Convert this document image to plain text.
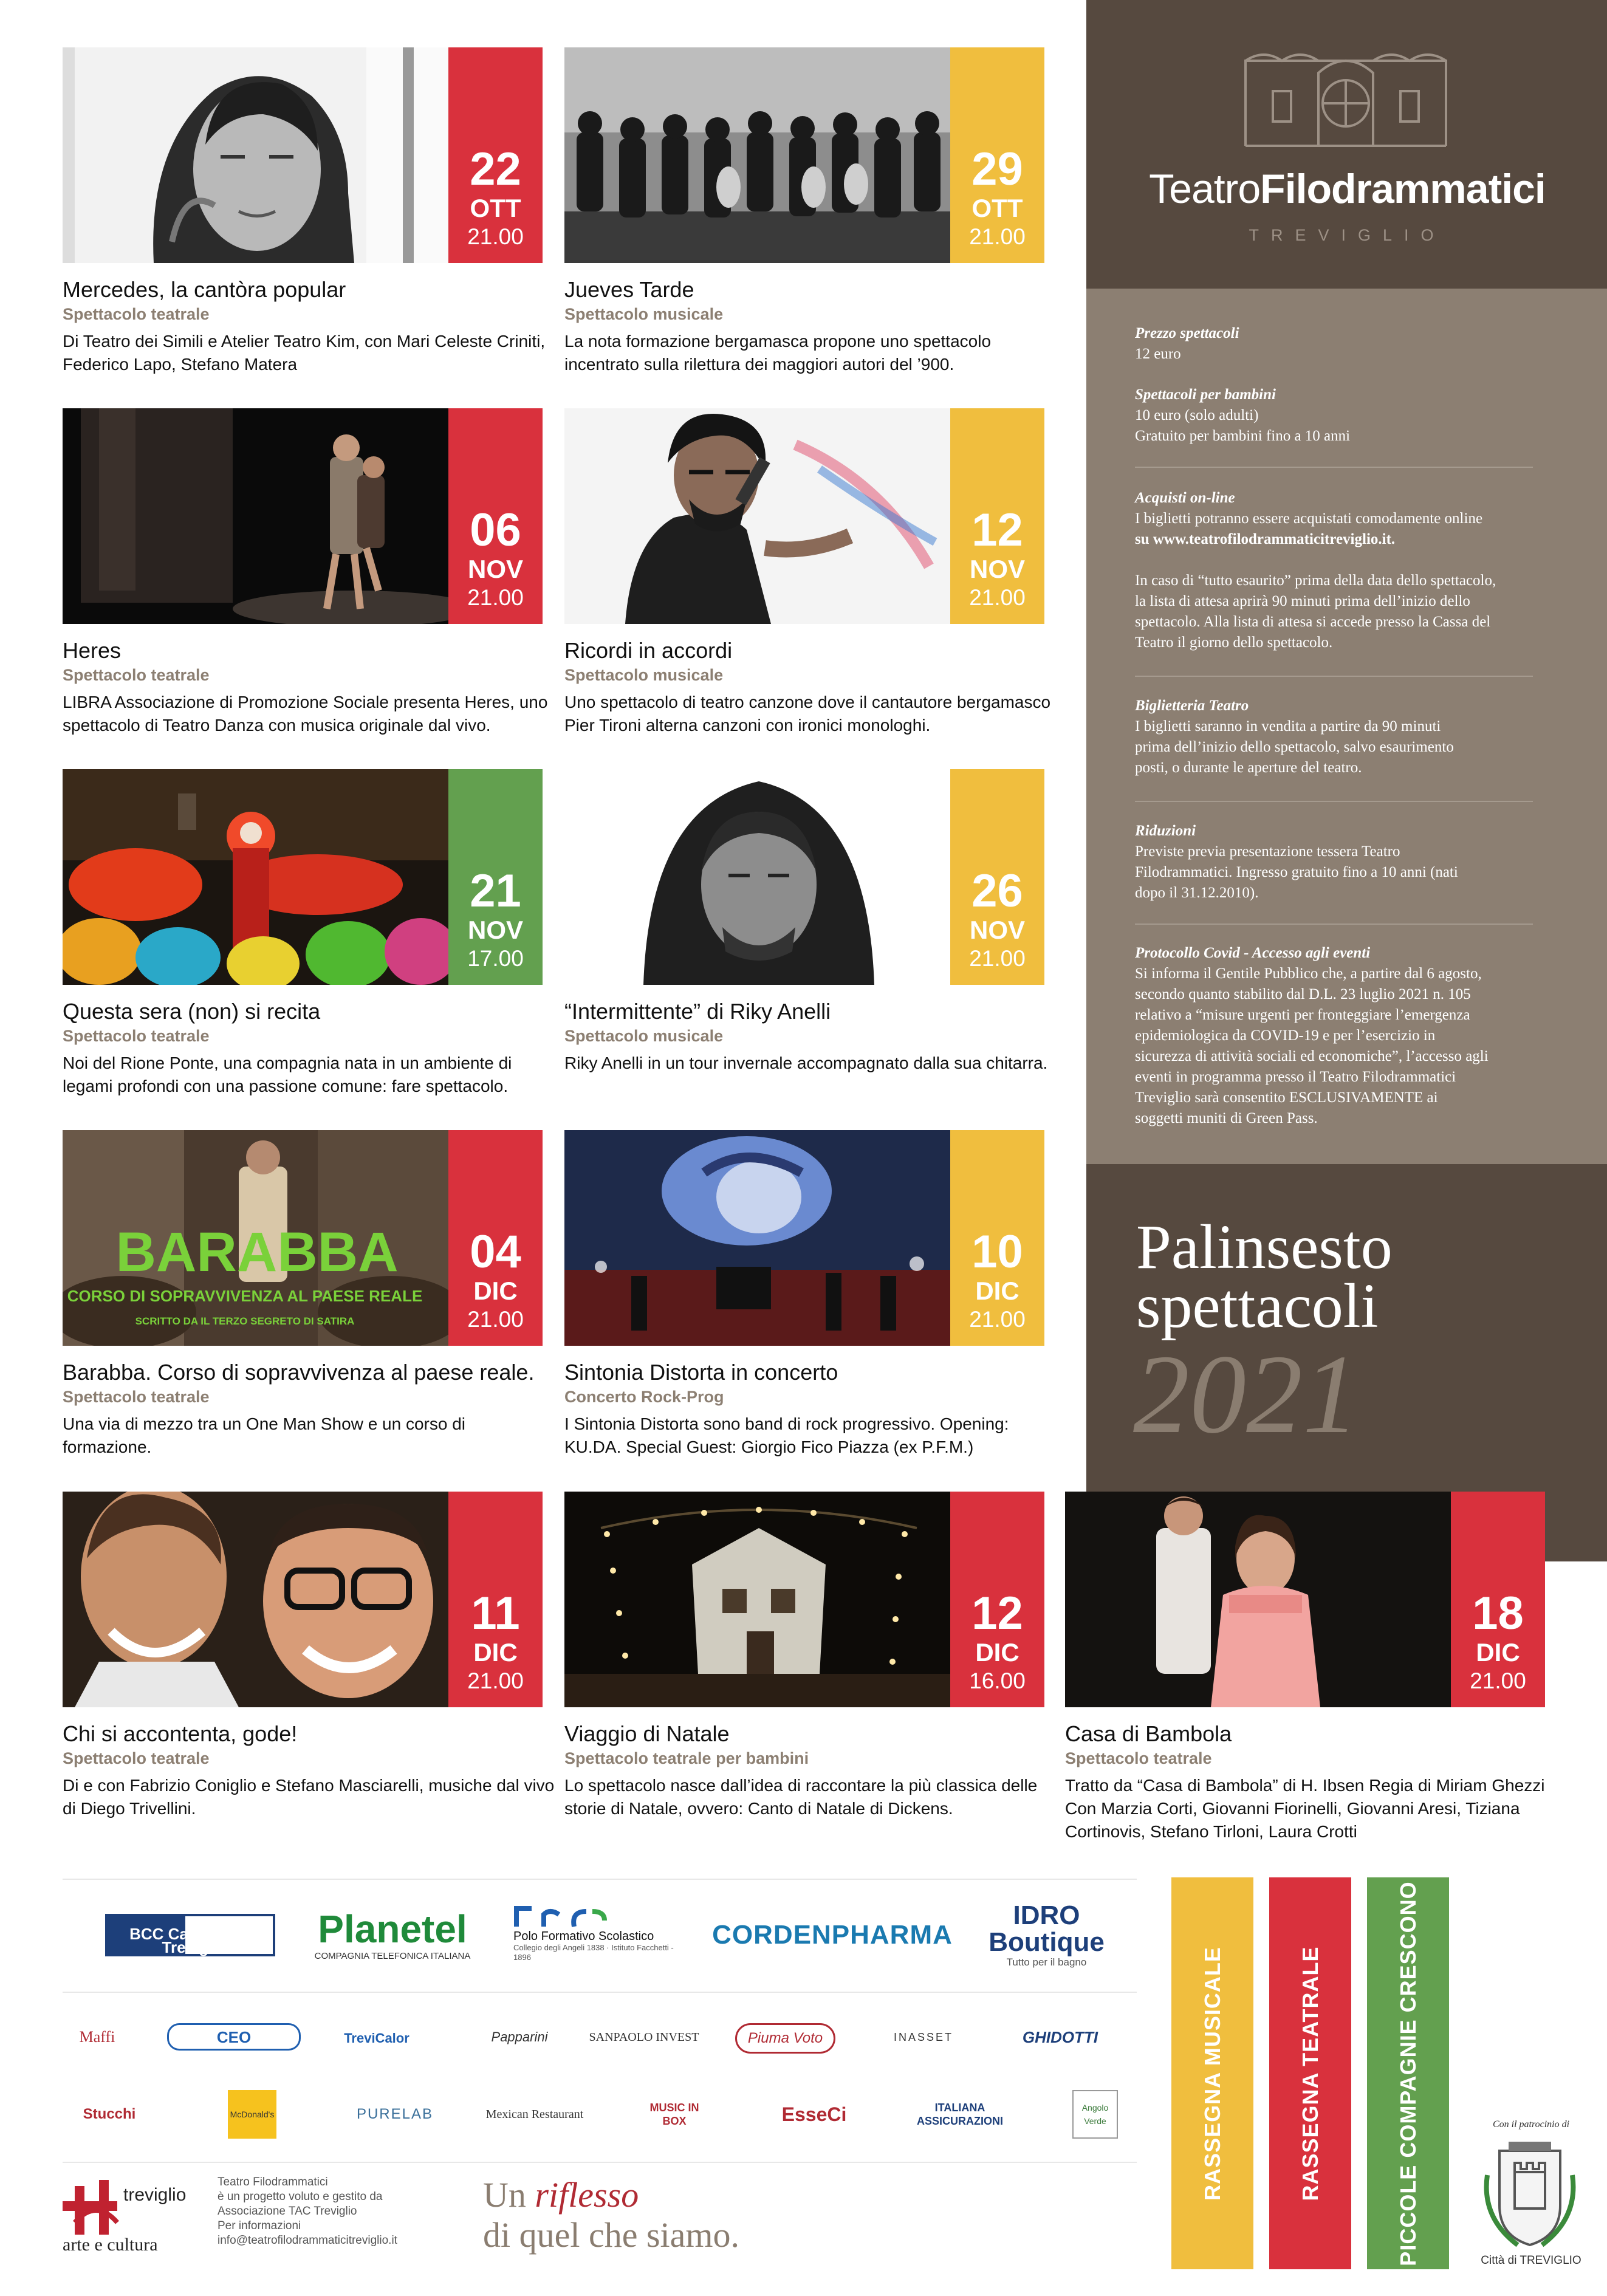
TeatroFilodrammatici
TREVIGLIO
Prezzo spettacoli
12 euro
Spettacoli per bambini
10 euro (solo adulti)
Gratuito per bambini fino a 10 anni
Acquisti on-line
I biglietti potranno essere acquistati comodamente online
su www.teatrofilodrammaticitreviglio.it.
In caso di “tutto esaurito” prima della data dello spettacolo,
la lista di attesa aprirà 90 minuti prima dell’inizio dello
spettacolo. Alla lista di attesa si accede presso la Cassa del
Teatro il giorno dello spettacolo.
Biglietteria Teatro
I biglietti saranno in vendita a partire da 90 minuti
prima dell’inizio dello spettacolo, salvo esaurimento
posti, o durante le aperture del teatro.
Riduzioni
Previste previa presentazione tessera Teatro
Filodrammatici. Ingresso gratuito fino a 10 anni (nati
dopo il 31.12.2010).
Protocollo Covid - Accesso agli eventi
Si informa il Gentile Pubblico che, a partire dal 6 agosto,
secondo quanto stabilito dal D.L. 23 luglio 2021 n. 105
relativo a “misure urgenti per fronteggiare l’emergenza
epidemiologica da COVID-19 e per l’esercizio in
sicurezza di attività sociali ed economiche”, l’accesso agli
eventi in programma presso il Teatro Filodrammatici
Treviglio sarà consentito ESCLUSIVAMENTE ai
soggetti muniti di Green Pass.
Palinsesto
spettacoli
2021
22
OTT
21.00
Mercedes, la cantòra popular
Spettacolo teatrale
Di Teatro dei Simili e Atelier Teatro Kim, con Mari Celeste Criniti, Federico Lapo, Stefano Matera
29
OTT
21.00
Jueves Tarde
Spettacolo musicale
La nota formazione bergamasca propone uno spettacolo incentrato sulla rilettura dei maggiori autori del ’900.
06
NOV
21.00
Heres
Spettacolo teatrale
LIBRA Associazione di Promozione Sociale presenta Heres, uno spettacolo di Teatro Danza con musica originale dal vivo.
12
NOV
21.00
Ricordi in accordi
Spettacolo musicale
Uno spettacolo di teatro canzone dove il cantautore bergamasco Pier Tironi alterna canzoni con ironici monologhi.
21
NOV
17.00
Questa sera (non) si recita
Spettacolo teatrale
Noi del Rione Ponte, una compagnia nata in un ambiente di legami profondi con una passione comune: fare spettacolo.
26
NOV
21.00
“Intermittente” di Riky Anelli
Spettacolo musicale
Riky Anelli in un tour invernale accompagnato dalla sua chitarra.
BARABBA
CORSO DI SOPRAVVIVENZA AL PAESE REALE
SCRITTO DA IL TERZO SEGRETO DI SATIRA
04
DIC
21.00
Barabba. Corso di sopravvivenza al paese reale.
Spettacolo teatrale
Una via di mezzo tra un One Man Show e un corso di formazione.
10
DIC
21.00
Sintonia Distorta in concerto
Concerto Rock-Prog
I Sintonia Distorta sono band di rock progressivo. Opening: KU.DA. Special Guest: Giorgio Fico Piazza (ex P.F.M.)
11
DIC
21.00
Chi si accontenta, gode!
Spettacolo teatrale
Di e con Fabrizio Coniglio e Stefano Masciarelli, musiche dal vivo di Diego Trivellini.
12
DIC
16.00
Viaggio di Natale
Spettacolo teatrale per bambini
Lo spettacolo nasce dall’idea di raccontare la più classica delle storie di Natale, ovvero: Canto di Natale di Dickens.
18
DIC
21.00
Casa di Bambola
Spettacolo teatrale
Tratto da “Casa di Bambola” di H. Ibsen Regia di Miriam Ghezzi Con Marzia Corti, Giovanni Fiorinelli, Giovanni Aresi, Tiziana Cortinovis, Stefano Tirloni, Laura Crotti
BCC Casa Rurale Treviglio	Planetel
COMPAGNIA TELEFONICA ITALIANA
Polo Formativo Scolastico
Collegio degli Angeli 1838 · Istituto Facchetti - 1896
CORDENPHARMA
IDRO Boutique
Tutto per il bagno
Maffi	CEO	TreviCalor	Papparini	SANPAOLO INVEST	Piuma Voto	INASSET	GHIDOTTI
Stucchi	McDonald's	PURELAB	Mexican Restaurant	MUSIC IN BOX	EsseCi	ITALIANA ASSICURAZIONI
Angolo Verde
treviglio
arte e cultura
Teatro Filodrammatici
è un progetto voluto e gestito da
Associazione TAC Treviglio
Per informazioni
info@teatrofilodrammaticitreviglio.it
Un riflesso
di quel che siamo.
RASSEGNA MUSICALE	RASSEGNA TEATRALE	PICCOLE COMPAGNIE CRESCONO	Con il patrocinio di
Città di TREVIGLIO
